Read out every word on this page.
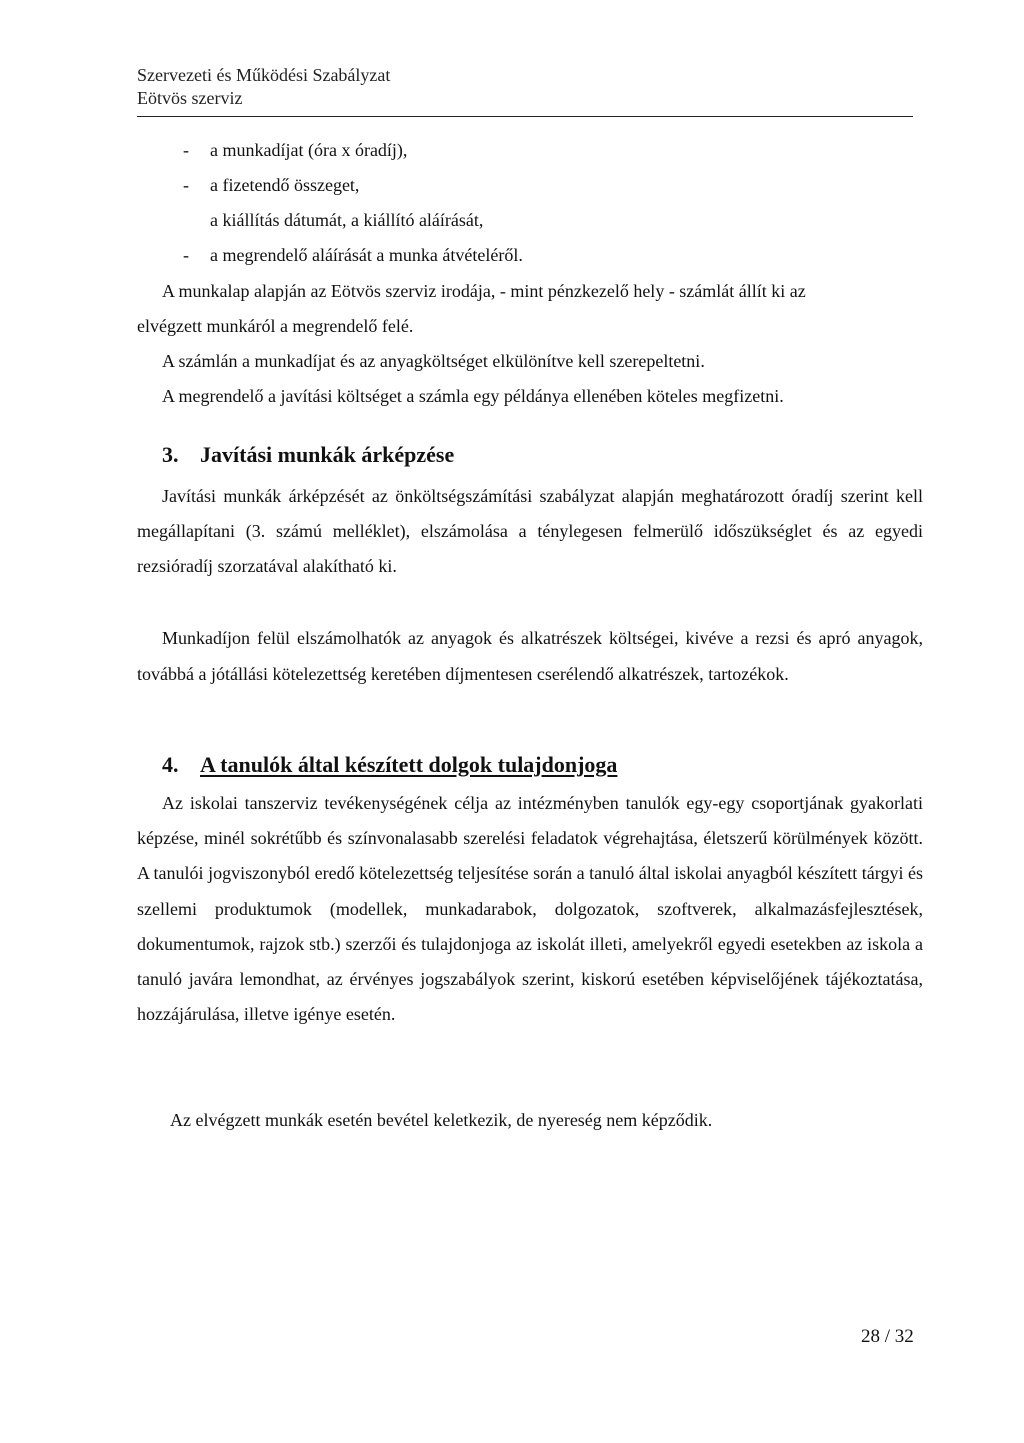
Szervezeti és Működési Szabályzat
Eötvös szerviz
- a munkadíjat (óra x óradíj),
- a fizetendő összeget,
a kiállítás dátumát, a kiállító aláírását,
- a megrendelő aláírását a munka átvételéről.
A munkalap alapján az Eötvös szerviz irodája, - mint pénzkezelő hely - számlát állít ki az
elvégzett munkáról a megrendelő felé.
A számlán a munkadíjat és az anyagköltséget elkülönítve kell szerepeltetni.
A megrendelő a javítási költséget a számla egy példánya ellenében köteles megfizetni.
3. Javítási munkák árképzése

Javítási munkák árképzését az önköltségszámítási szabályzat alapján meghatározott óradíj szerint kell megállapítani (3. számú melléklet), elszámolása a ténylegesen felmerülő időszükséglet és az egyedi rezsióradíj szorzatával alakítható ki.

Munkadíjon felül elszámolhatók az anyagok és alkatrészek költségei, kivéve a rezsi és apró anyagok, továbbá a jótállási kötelezettség keretében díjmentesen cserélendő alkatrészek, tartozékok.

4. A tanulók által készített dolgok tulajdonjoga

Az iskolai tanszerviz tevékenységének célja az intézményben tanulók egy-egy csoportjának gyakorlati képzése, minél sokrétűbb és színvonalasabb szerelési feladatok végrehajtása, életszerű körülmények között. A tanulói jogviszonyból eredő kötelezettség teljesítése során a tanuló által iskolai anyagból készített tárgyi és szellemi produktumok (modellek, munkadarabok, dolgozatok, szoftverek, alkalmazásfejlesztések, dokumentumok, rajzok stb.) szerzői és tulajdonjoga az iskolát illeti, amelyekről egyedi esetekben az iskola a tanuló javára lemondhat, az érvényes jogszabályok szerint, kiskorú esetében képviselőjének tájékoztatása, hozzájárulása, illetve igénye esetén.

Az elvégzett munkák esetén bevétel keletkezik, de nyereség nem képződik.
28 / 32
